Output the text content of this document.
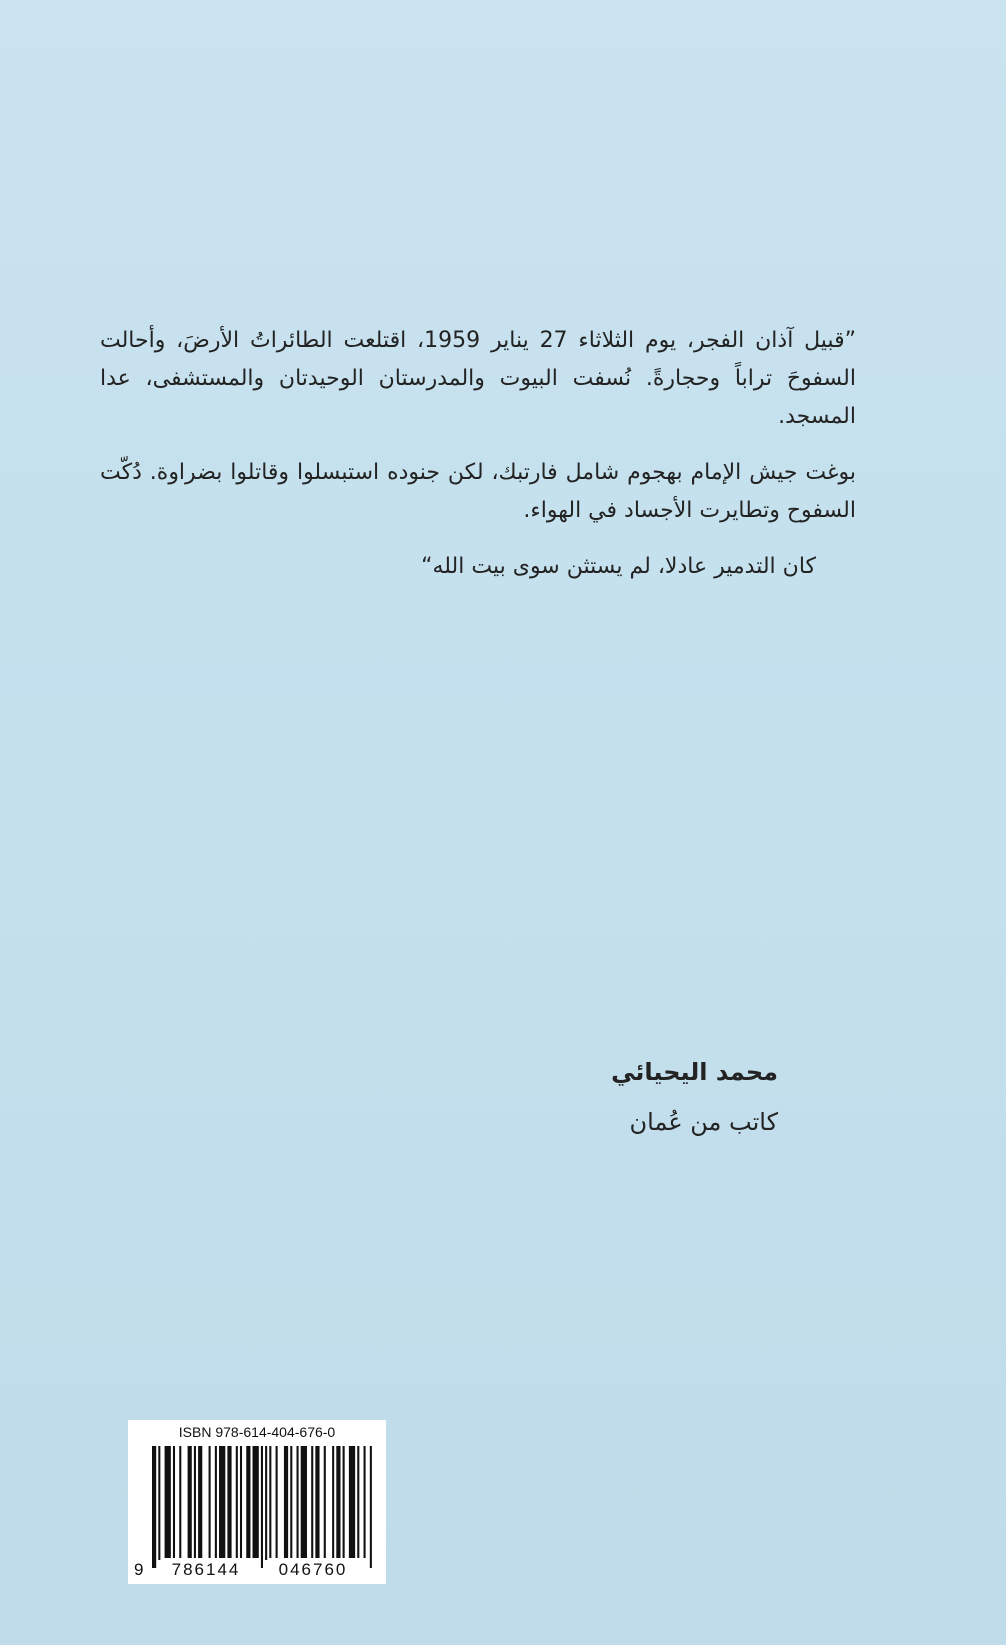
”قبيل آذان الفجر، يوم الثلاثاء 27 يناير 1959، اقتلعت الطائراتُ الأرضَ، وأحالت السفوحَ تراباً وحجارةً. نُسفت البيوت والمدرستان الوحيدتان والمستشفى، عدا المسجد.

بوغت جيش الإمام بهجوم شامل فارتبك، لكن جنوده استبسلوا وقاتلوا بضراوة. دُكّت السفوح وتطايرت الأجساد في الهواء.

كان التدمير عادلا، لم يستثن سوى بيت الله“

محمد اليحيائي
كاتب من عُمان
ISBN 978-614-404-676-0
9	786144	046760
